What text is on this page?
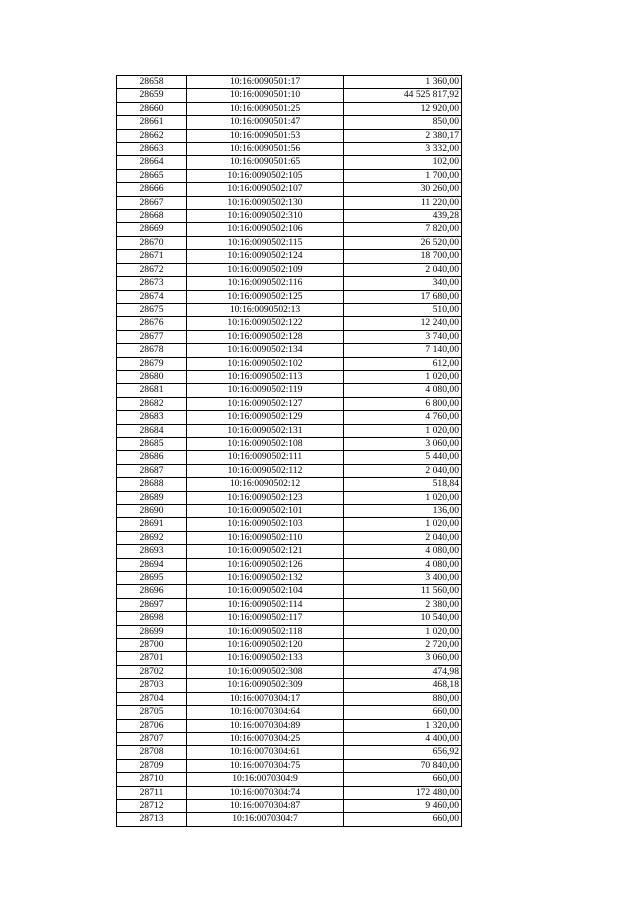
28658	10:16:0090501:17	1 360,00
28659	10:16:0090501:10	44 525 817,92
28660	10:16:0090501:25	12 920,00
28661	10:16:0090501:47	850,00
28662	10:16:0090501:53	2 380,17
28663	10:16:0090501:56	3 332,00
28664	10:16:0090501:65	102,00
28665	10:16:0090502:105	1 700,00
28666	10:16:0090502:107	30 260,00
28667	10:16:0090502:130	11 220,00
28668	10:16:0090502:310	439,28
28669	10:16:0090502:106	7 820,00
28670	10:16:0090502:115	26 520,00
28671	10:16:0090502:124	18 700,00
28672	10:16:0090502:109	2 040,00
28673	10:16:0090502:116	340,00
28674	10:16:0090502:125	17 680,00
28675	10:16:0090502:13	510,00
28676	10:16:0090502:122	12 240,00
28677	10:16:0090502:128	3 740,00
28678	10:16:0090502:134	7 140,00
28679	10:16:0090502:102	612,00
28680	10:16:0090502:113	1 020,00
28681	10:16:0090502:119	4 080,00
28682	10:16:0090502:127	6 800,00
28683	10:16:0090502:129	4 760,00
28684	10:16:0090502:131	1 020,00
28685	10:16:0090502:108	3 060,00
28686	10:16:0090502:111	5 440,00
28687	10:16:0090502:112	2 040,00
28688	10:16:0090502:12	518,84
28689	10:16:0090502:123	1 020,00
28690	10:16:0090502:101	136,00
28691	10:16:0090502:103	1 020,00
28692	10:16:0090502:110	2 040,00
28693	10:16:0090502:121	4 080,00
28694	10:16:0090502:126	4 080,00
28695	10:16:0090502:132	3 400,00
28696	10:16:0090502:104	11 560,00
28697	10:16:0090502:114	2 380,00
28698	10:16:0090502:117	10 540,00
28699	10:16:0090502:118	1 020,00
28700	10:16:0090502:120	2 720,00
28701	10:16:0090502:133	3 060,00
28702	10:16:0090502:308	474,98
28703	10:16:0090502:309	468,18
28704	10:16:0070304:17	880,00
28705	10:16:0070304:64	660,00
28706	10:16:0070304:89	1 320,00
28707	10:16:0070304:25	4 400,00
28708	10:16:0070304:61	656,92
28709	10:16:0070304:75	70 840,00
28710	10:16:0070304:9	660,00
28711	10:16:0070304:74	172 480,00
28712	10:16:0070304:87	9 460,00
28713	10:16:0070304:7	660,00
